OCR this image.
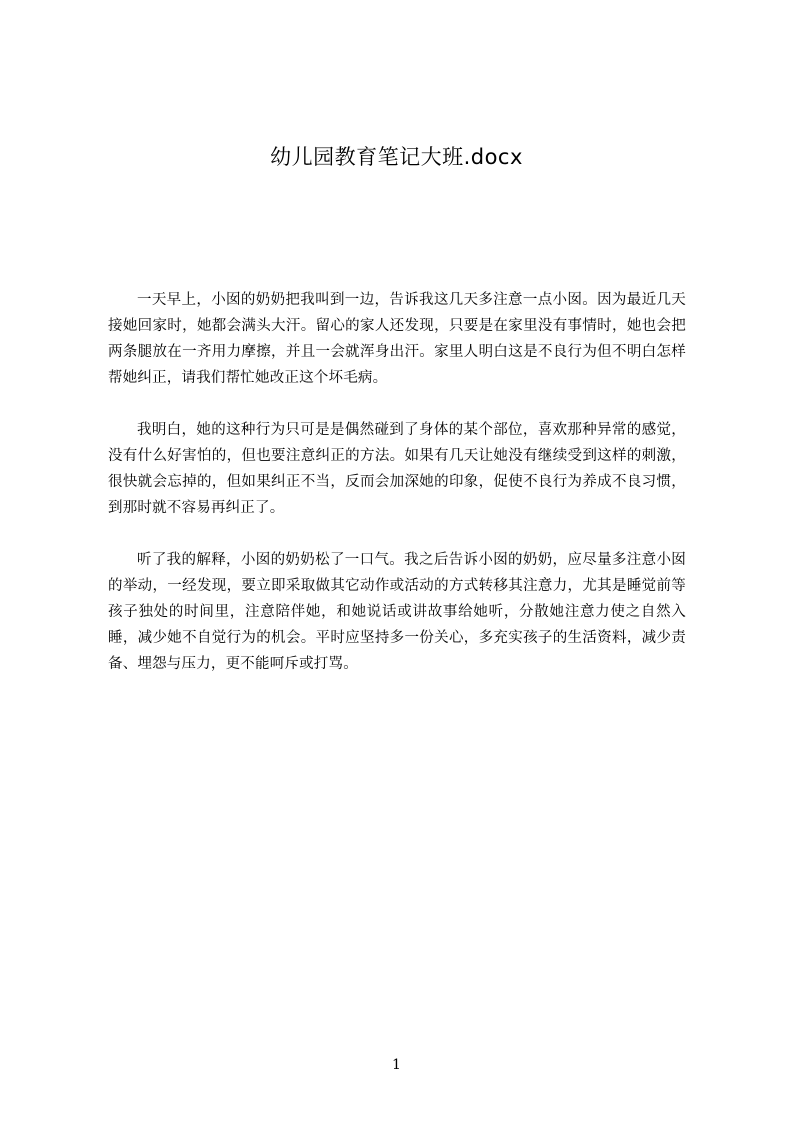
幼儿园教育笔记大班.docx

一天早上，小囡的奶奶把我叫到一边，告诉我这几天多注意一点小囡。因为最近几天接她回家时，她都会满头大汗。留心的家人还发现，只要是在家里没有事情时，她也会把两条腿放在一齐用力摩擦，并且一会就浑身出汗。家里人明白这是不良行为但不明白怎样帮她纠正，请我们帮忙她改正这个坏毛病。

我明白，她的这种行为只可是是偶然碰到了身体的某个部位，喜欢那种异常的感觉，没有什么好害怕的，但也要注意纠正的方法。如果有几天让她没有继续受到这样的刺激，很快就会忘掉的，但如果纠正不当，反而会加深她的印象，促使不良行为养成不良习惯，到那时就不容易再纠正了。

听了我的解释，小囡的奶奶松了一口气。我之后告诉小囡的奶奶，应尽量多注意小囡的举动，一经发现，要立即采取做其它动作或活动的方式转移其注意力，尤其是睡觉前等孩子独处的时间里，注意陪伴她，和她说话或讲故事给她听，分散她注意力使之自然入睡，减少她不自觉行为的机会。平时应坚持多一份关心，多充实孩子的生活资料，减少责备、埋怨与压力，更不能呵斥或打骂。

1
